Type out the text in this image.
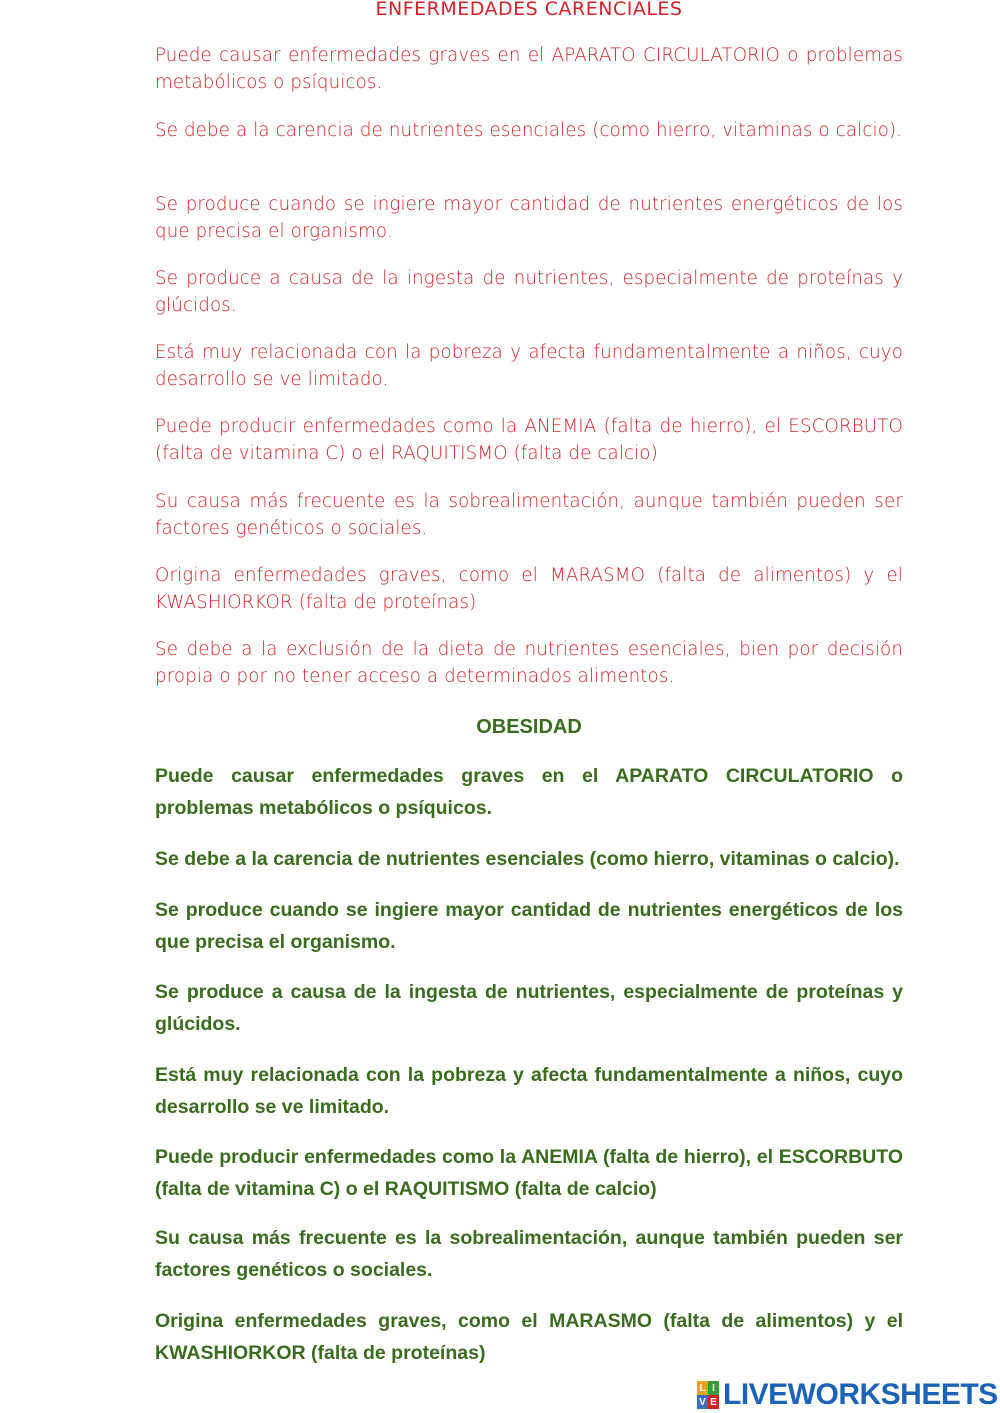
ENFERMEDADES CARENCIALES

Puede causar enfermedades graves en el APARATO CIRCULATORIO o problemas metabólicos o psíquicos.

Se debe a la carencia de nutrientes esenciales (como hierro, vitaminas o calcio).

Se produce cuando se ingiere mayor cantidad de nutrientes energéticos de los que precisa el organismo.

Se produce a causa de la ingesta de nutrientes, especialmente de proteínas y glúcidos.

Está muy relacionada con la pobreza y afecta fundamentalmente a niños, cuyo desarrollo se ve limitado.

Puede producir enfermedades como la ANEMIA (falta de hierro), el ESCORBUTO (falta de vitamina C) o el RAQUITISMO (falta de calcio)

Su causa más frecuente es la sobrealimentación, aunque también pueden ser factores genéticos o sociales.

Origina enfermedades graves, como el MARASMO (falta de alimentos) y el KWASHIORKOR (falta de proteínas)

Se debe a la exclusión de la dieta de nutrientes esenciales, bien por decisión propia o por no tener acceso a determinados alimentos.

OBESIDAD

Puede causar enfermedades graves en el APARATO CIRCULATORIO o problemas metabólicos o psíquicos.

Se debe a la carencia de nutrientes esenciales (como hierro, vitaminas o calcio).

Se produce cuando se ingiere mayor cantidad de nutrientes energéticos de los que precisa el organismo.

Se produce a causa de la ingesta de nutrientes, especialmente de proteínas y glúcidos.

Está muy relacionada con la pobreza y afecta fundamentalmente a niños, cuyo desarrollo se ve limitado.

Puede producir enfermedades como la ANEMIA (falta de hierro), el ESCORBUTO (falta de vitamina C) o el RAQUITISMO (falta de calcio)

Su causa más frecuente es la sobrealimentación, aunque también pueden ser factores genéticos o sociales.

Origina enfermedades graves, como el MARASMO (falta de alimentos) y el KWASHIORKOR (falta de proteínas)

L I
V E LIVEWORKSHEETS
